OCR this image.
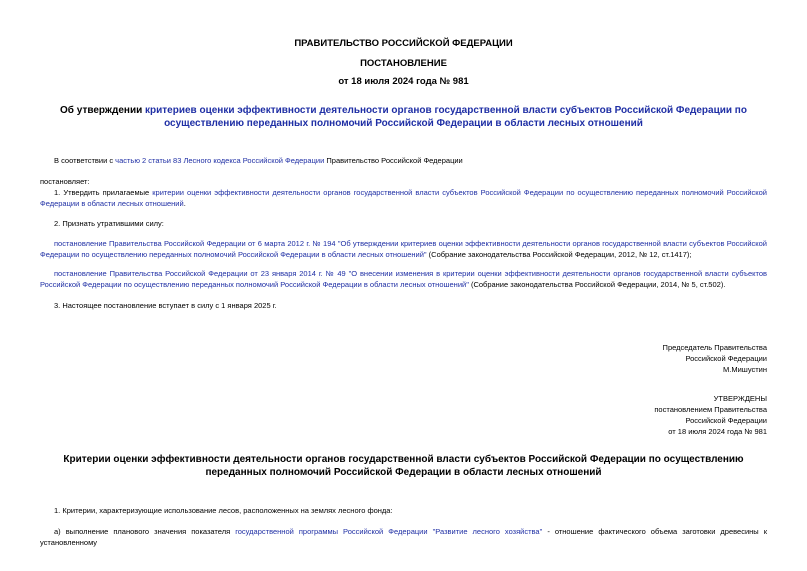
ПРАВИТЕЛЬСТВО РОССИЙСКОЙ ФЕДЕРАЦИИ
ПОСТАНОВЛЕНИЕ
от 18 июля 2024 года № 981
Об утверждении критериев оценки эффективности деятельности органов государственной власти субъектов Российской Федерации по осуществлению переданных полномочий Российской Федерации в области лесных отношений
В соответствии с частью 2 статьи 83 Лесного кодекса Российской Федерации Правительство Российской Федерации
постановляет:
1. Утвердить прилагаемые критерии оценки эффективности деятельности органов государственной власти субъектов Российской Федерации по осуществлению переданных полномочий Российской Федерации в области лесных отношений.
2. Признать утратившими силу:
постановление Правительства Российской Федерации от 6 марта 2012 г. № 194 "Об утверждении критериев оценки эффективности деятельности органов государственной власти субъектов Российской Федерации по осуществлению переданных полномочий Российской Федерации в области лесных отношений" (Собрание законодательства Российской Федерации, 2012, № 12, ст.1417);
постановление Правительства Российской Федерации от 23 января 2014 г. № 49 "О внесении изменения в критерии оценки эффективности деятельности органов государственной власти субъектов Российской Федерации по осуществлению переданных полномочий Российской Федерации в области лесных отношений" (Собрание законодательства Российской Федерации, 2014, № 5, ст.502).
3. Настоящее постановление вступает в силу с 1 января 2025 г.
Председатель Правительства
Российской Федерации
М.Мишустин
УТВЕРЖДЕНЫ
постановлением Правительства
Российской Федерации
от 18 июля 2024 года № 981
Критерии оценки эффективности деятельности органов государственной власти субъектов Российской Федерации по осуществлению переданных полномочий Российской Федерации в области лесных отношений
1. Критерии, характеризующие использование лесов, расположенных на землях лесного фонда:
а) выполнение планового значения показателя государственной программы Российской Федерации "Развитие лесного хозяйства" - отношение фактического объема заготовки древесины к установленному
